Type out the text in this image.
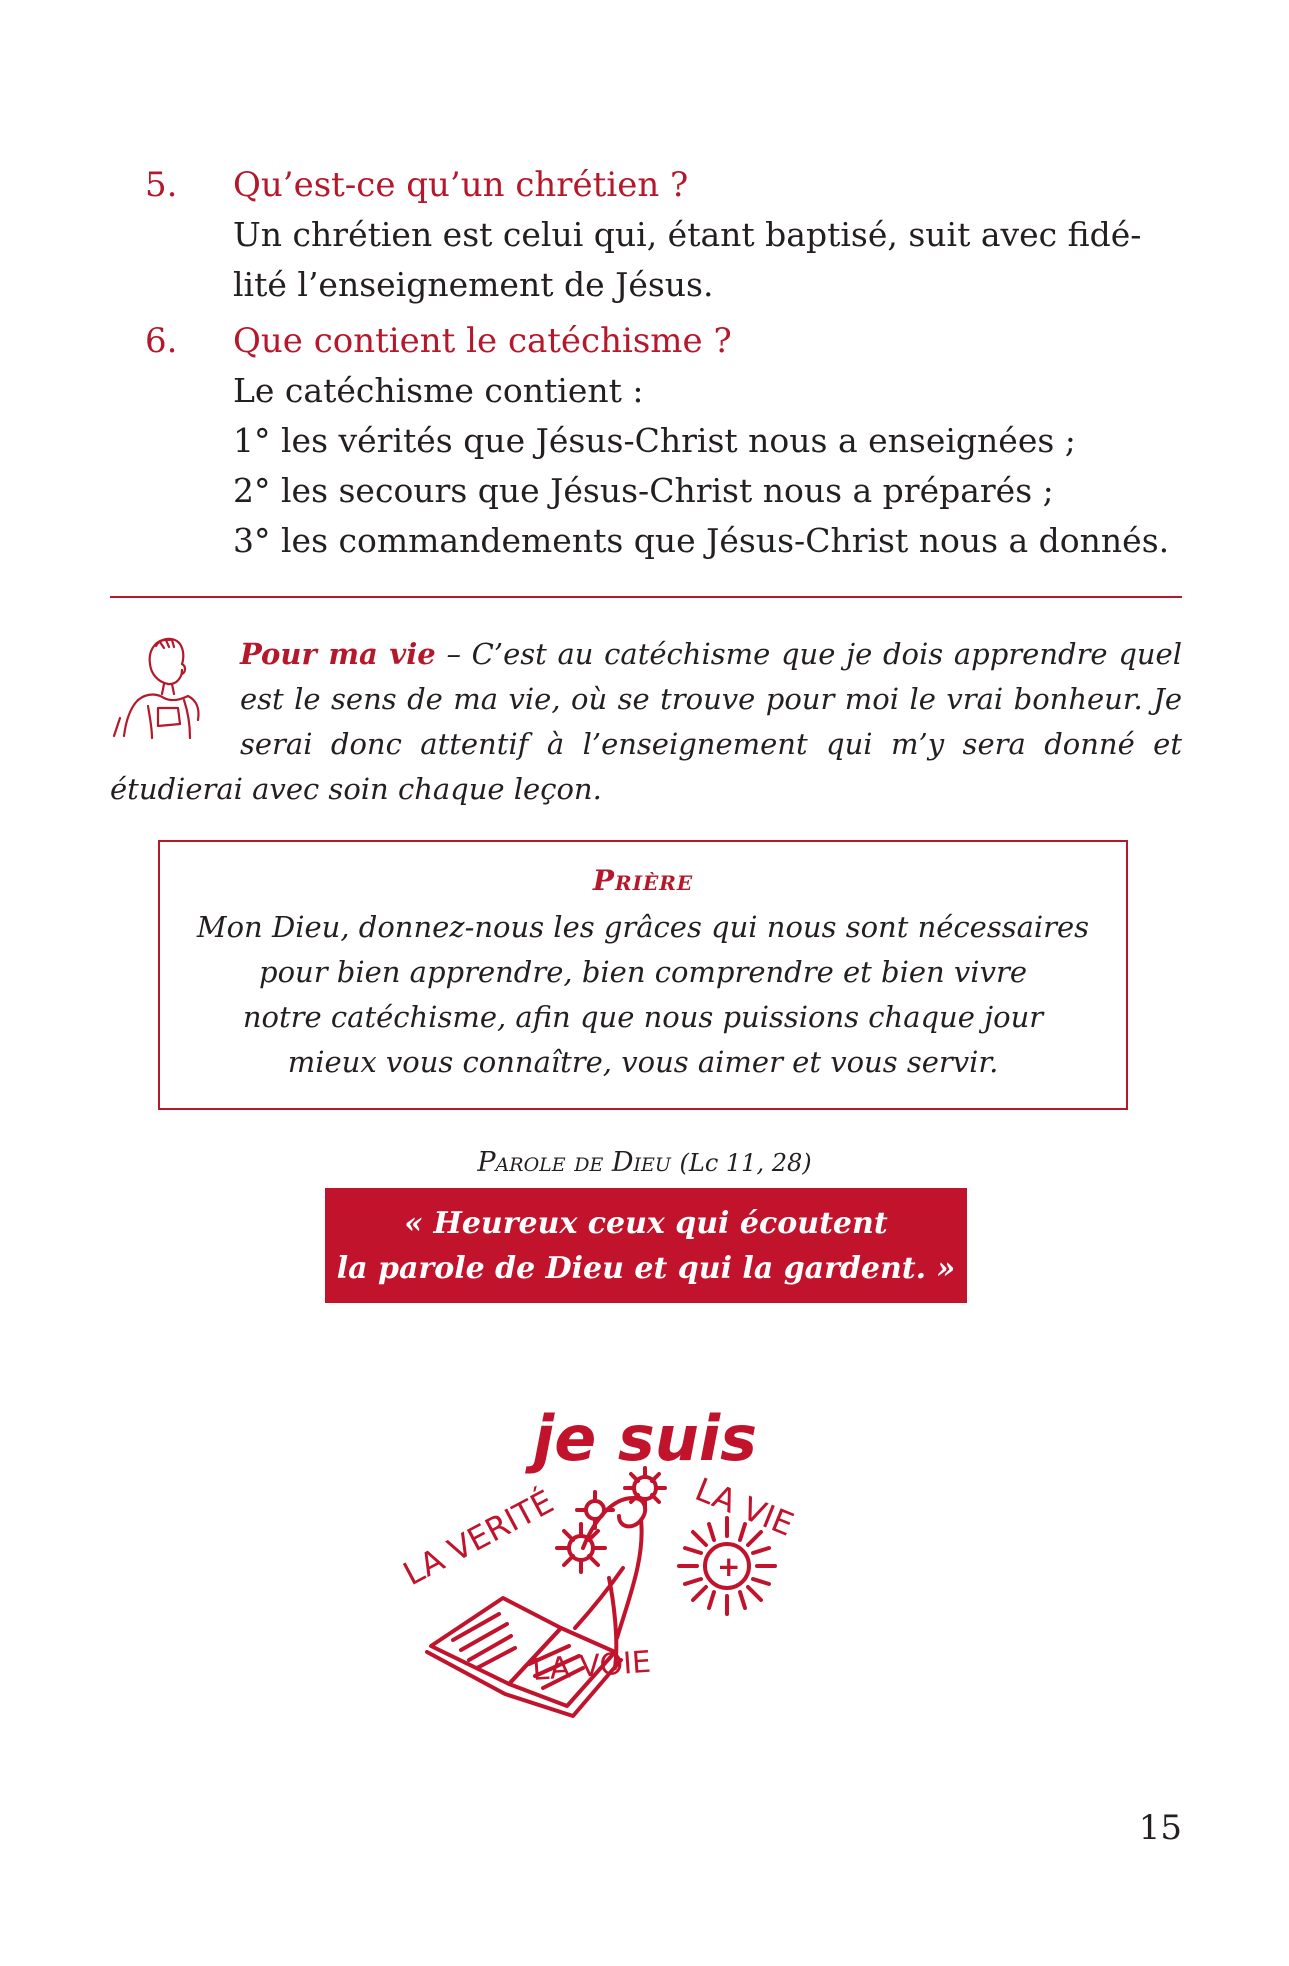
5.	Qu’est-ce qu’un chrétien ?
Un chrétien est celui qui, étant baptisé, suit avec fidé-
lité l’enseignement de Jésus.
6.	Que contient le catéchisme ?
Le catéchisme contient :
1° les vérités que Jésus-Christ nous a enseignées ;
2° les secours que Jésus-Christ nous a préparés ;
3° les commandements que Jésus-Christ nous a donnés.
Pour ma vie – C’est au catéchisme que je dois apprendre quel est le sens de ma vie, où se trouve pour moi le vrai bonheur. Je serai donc attentif à l’enseignement qui m’y sera donné et étudierai avec soin chaque leçon.
Prière
Mon Dieu, donnez-nous les grâces qui nous sont nécessaires
pour bien apprendre, bien comprendre et bien vivre
notre catéchisme, afin que nous puissions chaque jour
mieux vous connaître, vous aimer et vous servir.
Parole de Dieu (Lc 11, 28)
« Heureux ceux qui écoutent
la parole de Dieu et qui la gardent. »
je suis
LA VERITÉ	LA VIE
LA VOIE
+
15
